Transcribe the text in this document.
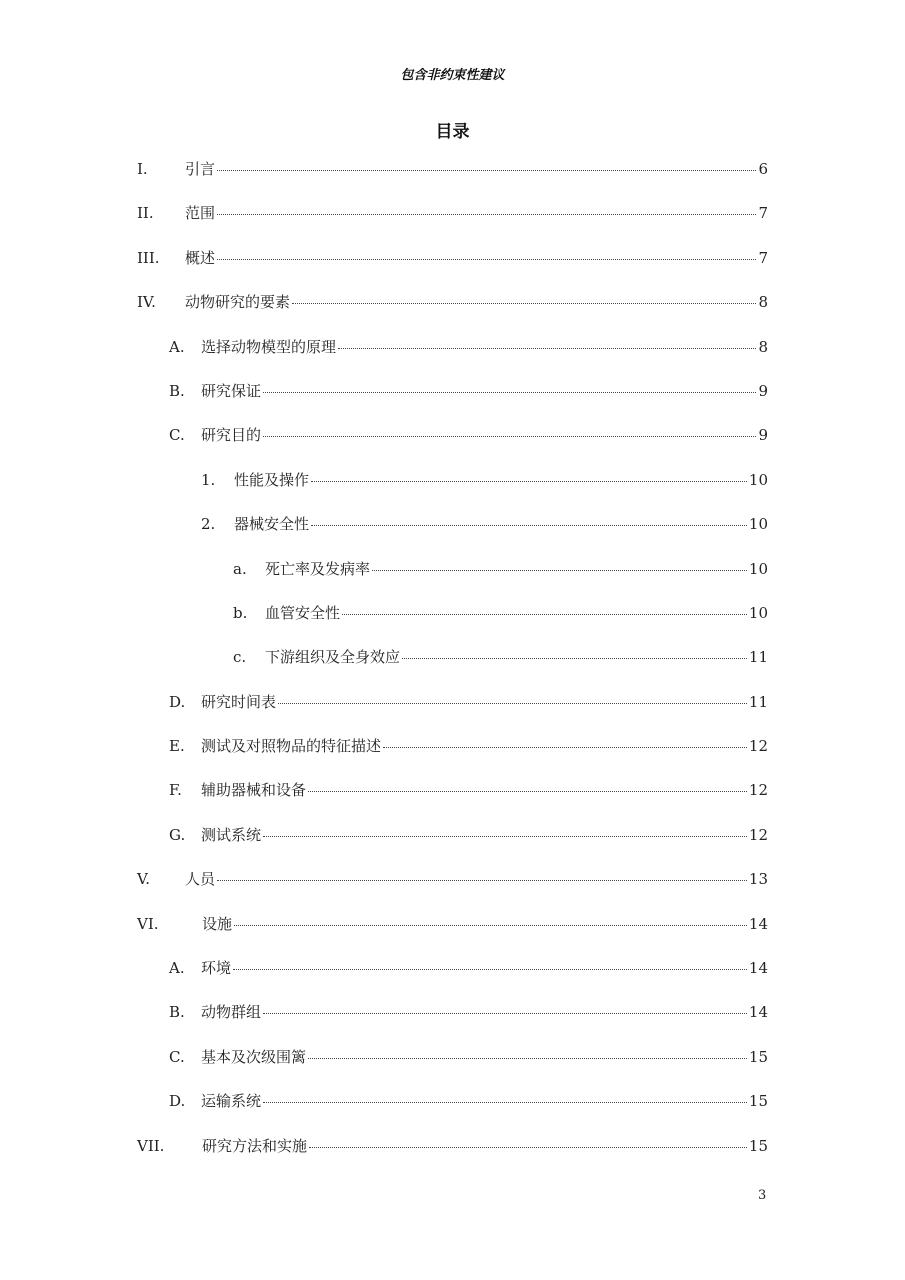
包含非约束性建议
目录
I.	引言	6
II.	范围	7
III.	概述	7
IV.	动物研究的要素	8
A.	选择动物模型的原理	8
B.	研究保证	9
C.	研究目的	9
1.	性能及操作	10
2.	器械安全性	10
a.	死亡率及发病率	10
b.	血管安全性	10
c.	下游组织及全身效应	11
D.	研究时间表	11
E.	测试及对照物品的特征描述	12
F.	辅助器械和设备	12
G.	测试系统	12
V.	人员	13
VI.	设施	14
A.	环境	14
B.	动物群组	14
C.	基本及次级围篱	15
D.	运输系统	15
VII.	研究方法和实施	15
3
